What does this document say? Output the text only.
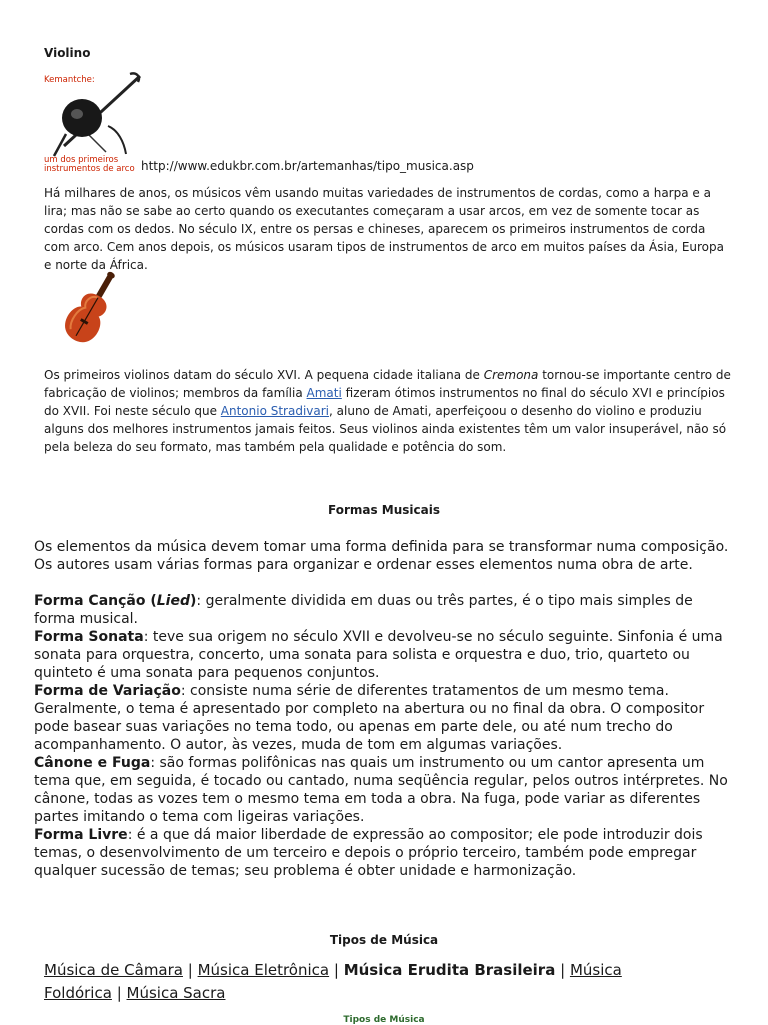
Violino
Kemantche:
um dos primeiros
instrumentos de arco http://www.edukbr.com.br/artemanhas/tipo_musica.asp
Há milhares de anos, os músicos vêm usando muitas variedades de instrumentos de cordas, como a harpa e a lira; mas não se sabe ao certo quando os executantes começaram a usar arcos, em vez de somente tocar as cordas com os dedos. No século IX, entre os persas e chineses, aparecem os primeiros instrumentos de corda com arco. Cem anos depois, os músicos usaram tipos de instrumentos de arco em muitos países da Ásia, Europa e norte da África.
Os primeiros violinos datam do século XVI. A pequena cidade italiana de Cremona tornou-se importante centro de fabricação de violinos; membros da família Amati fizeram ótimos instrumentos no final do século XVI e princípios do XVII. Foi neste século que Antonio Stradivari, aluno de Amati, aperfeiçoou o desenho do violino e produziu alguns dos melhores instrumentos jamais feitos. Seus violinos ainda existentes têm um valor insuperável, não só pela beleza do seu formato, mas também pela qualidade e potência do som.
Formas Musicais
Os elementos da música devem tomar uma forma definida para se transformar numa composição. Os autores usam várias formas para organizar e ordenar esses elementos numa obra de arte.

Forma Canção (Lied): geralmente dividida em duas ou três partes, é o tipo mais simples de forma musical.

Forma Sonata: teve sua origem no século XVII e devolveu-se no século seguinte. Sinfonia é uma sonata para orquestra, concerto, uma sonata para solista e orquestra e duo, trio, quarteto ou quinteto é uma sonata para pequenos conjuntos.

Forma de Variação: consiste numa série de diferentes tratamentos de um mesmo tema. Geralmente, o tema é apresentado por completo na abertura ou no final da obra. O compositor pode basear suas variações no tema todo, ou apenas em parte dele, ou até num trecho do acompanhamento. O autor, às vezes, muda de tom em algumas variações.

Cânone e Fuga: são formas polifônicas nas quais um instrumento ou um cantor apresenta um tema que, em seguida, é tocado ou cantado, numa seqüência regular, pelos outros intérpretes. No cânone, todas as vozes tem o mesmo tema em toda a obra. Na fuga, pode variar as diferentes partes imitando o tema com ligeiras variações.

Forma Livre: é a que dá maior liberdade de expressão ao compositor; ele pode introduzir dois temas, o desenvolvimento de um terceiro e depois o próprio terceiro, também pode empregar qualquer sucessão de temas; seu problema é obter unidade e harmonização.

Tipos de Música
Música de Câmara | Música Eletrônica | Música Erudita Brasileira | Música
Foldórica | Música Sacra
Tipos de Música
